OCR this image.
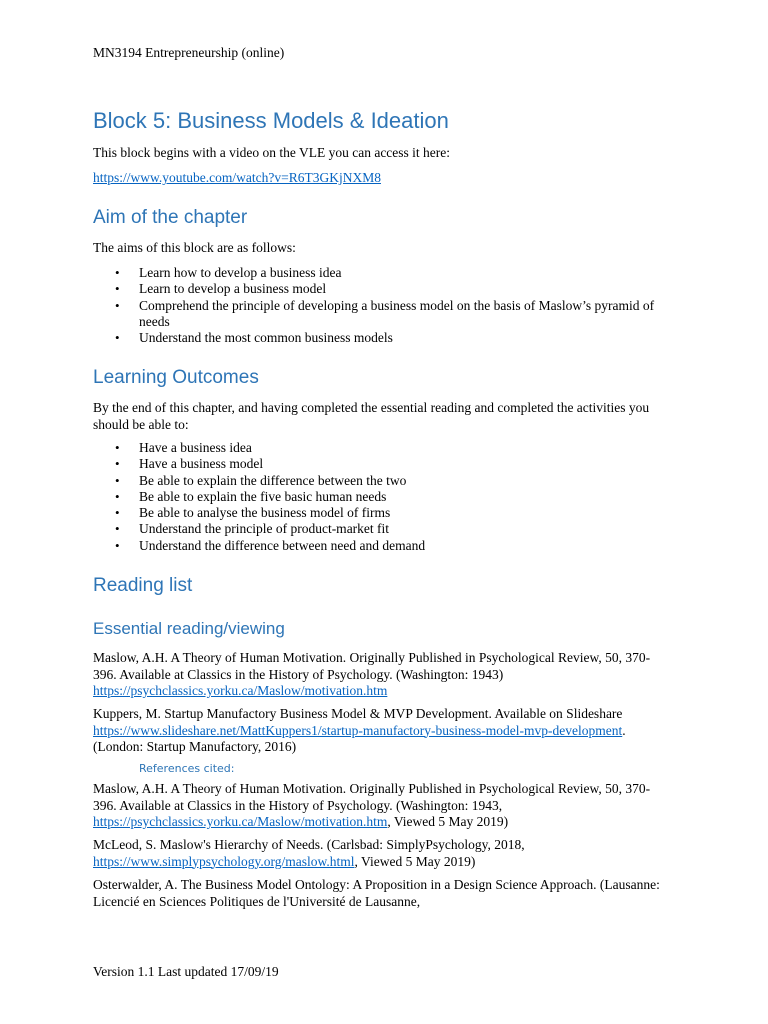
MN3194 Entrepreneurship (online)
Block 5: Business Models & Ideation

This block begins with a video on the VLE you can access it here:

https://www.youtube.com/watch?v=R6T3GKjNXM8

Aim of the chapter

The aims of this block are as follows:

• Learn how to develop a business idea
• Learn to develop a business model
• Comprehend the principle of developing a business model on the basis of Maslow’s pyramid of needs
• Understand the most common business models
Learning Outcomes

By the end of this chapter, and having completed the essential reading and completed the activities you should be able to:

• Have a business idea
• Have a business model
• Be able to explain the difference between the two
• Be able to explain the five basic human needs
• Be able to analyse the business model of firms
• Understand the principle of product-market fit
• Understand the difference between need and demand
Reading list
Essential reading/viewing

Maslow, A.H. A Theory of Human Motivation. Originally Published in Psychological Review, 50, 370-396. Available at Classics in the History of Psychology. (Washington: 1943) https://psychclassics.yorku.ca/Maslow/motivation.htm

Kuppers, M. Startup Manufactory Business Model & MVP Development. Available on Slideshare https://www.slideshare.net/MattKuppers1/startup-manufactory-business-model-mvp-development. (London: Startup Manufactory, 2016)

References cited:

Maslow, A.H. A Theory of Human Motivation. Originally Published in Psychological Review, 50, 370-396. Available at Classics in the History of Psychology. (Washington: 1943, https://psychclassics.yorku.ca/Maslow/motivation.htm, Viewed 5 May 2019)

McLeod, S. Maslow's Hierarchy of Needs. (Carlsbad: SimplyPsychology, 2018, https://www.simplypsychology.org/maslow.html, Viewed 5 May 2019)

Osterwalder, A. The Business Model Ontology: A Proposition in a Design Science Approach. (Lausanne: Licencié en Sciences Politiques de l'Université de Lausanne,

Version 1.1 Last updated 17/09/19
